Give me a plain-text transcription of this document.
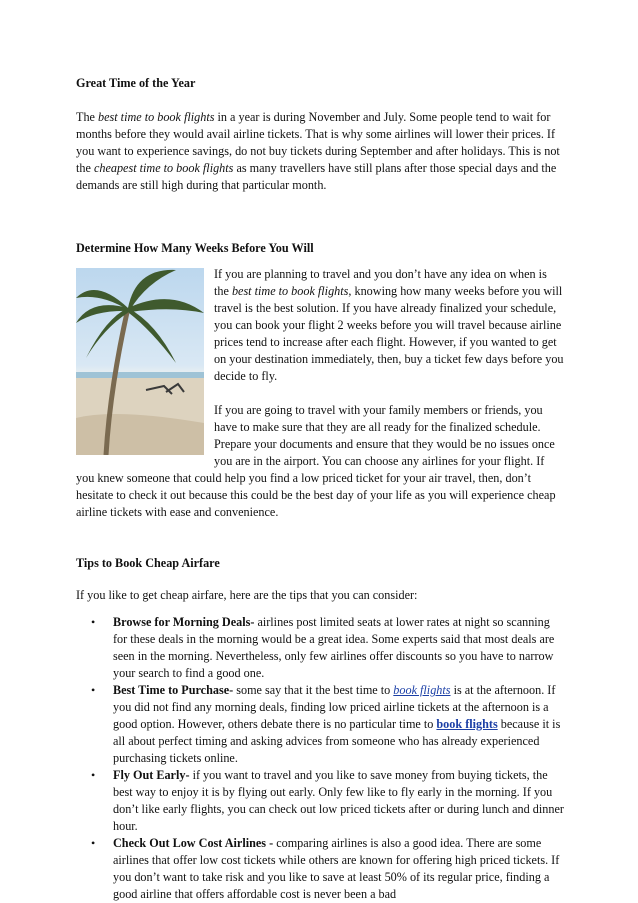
Great Time of the Year

The best time to book flights in a year is during November and July. Some people tend to wait for months before they would avail airline tickets. That is why some airlines will lower their prices. If you want to experience savings, do not buy tickets during September and after holidays. This is not the cheapest time to book flights as many travellers have still plans after those special days and the demands are still high during that particular month.

Determine How Many Weeks Before You Will

If you are planning to travel and you don’t have any idea on when is the best time to book flights, knowing how many weeks before you will travel is the best solution. If you have already finalized your schedule, you can book your flight 2 weeks before you will travel because airline prices tend to increase after each flight. However, if you wanted to get on your destination immediately, then, buy a ticket few days before you decide to fly.

If you are going to travel with your family members or friends, you have to make sure that they are all ready for the finalized schedule. Prepare your documents and ensure that they would be no issues once you are in the airport. You can choose any airlines for your flight. If you knew someone that could help you find a low priced ticket for your air travel, then, don’t hesitate to check it out because this could be the best day of your life as you will experience cheap airline tickets with ease and convenience.

Tips to Book Cheap Airfare

If you like to get cheap airfare, here are the tips that you can consider:

• Browse for Morning Deals- airlines post limited seats at lower rates at night so scanning for these deals in the morning would be a great idea. Some experts said that most deals are seen in the morning. Nevertheless, only few airlines offer discounts so you have to narrow your search to find a good one.
• Best Time to Purchase- some say that it the best time to book flights is at the afternoon. If you did not find any morning deals, finding low priced airline tickets at the afternoon is a good option. However, others debate there is no particular time to book flights because it is all about perfect timing and asking advices from someone who has already experienced purchasing tickets online.
• Fly Out Early- if you want to travel and you like to save money from buying tickets, the best way to enjoy it is by flying out early. Only few like to fly early in the morning. If you don’t like early flights, you can check out low priced tickets after or during lunch and dinner hour.
• Check Out Low Cost Airlines - comparing airlines is also a good idea. There are some airlines that offer low cost tickets while others are known for offering high priced tickets. If you don’t want to take risk and you like to save at least 50% of its regular price, finding a good airline that offers affordable cost is never been a bad
